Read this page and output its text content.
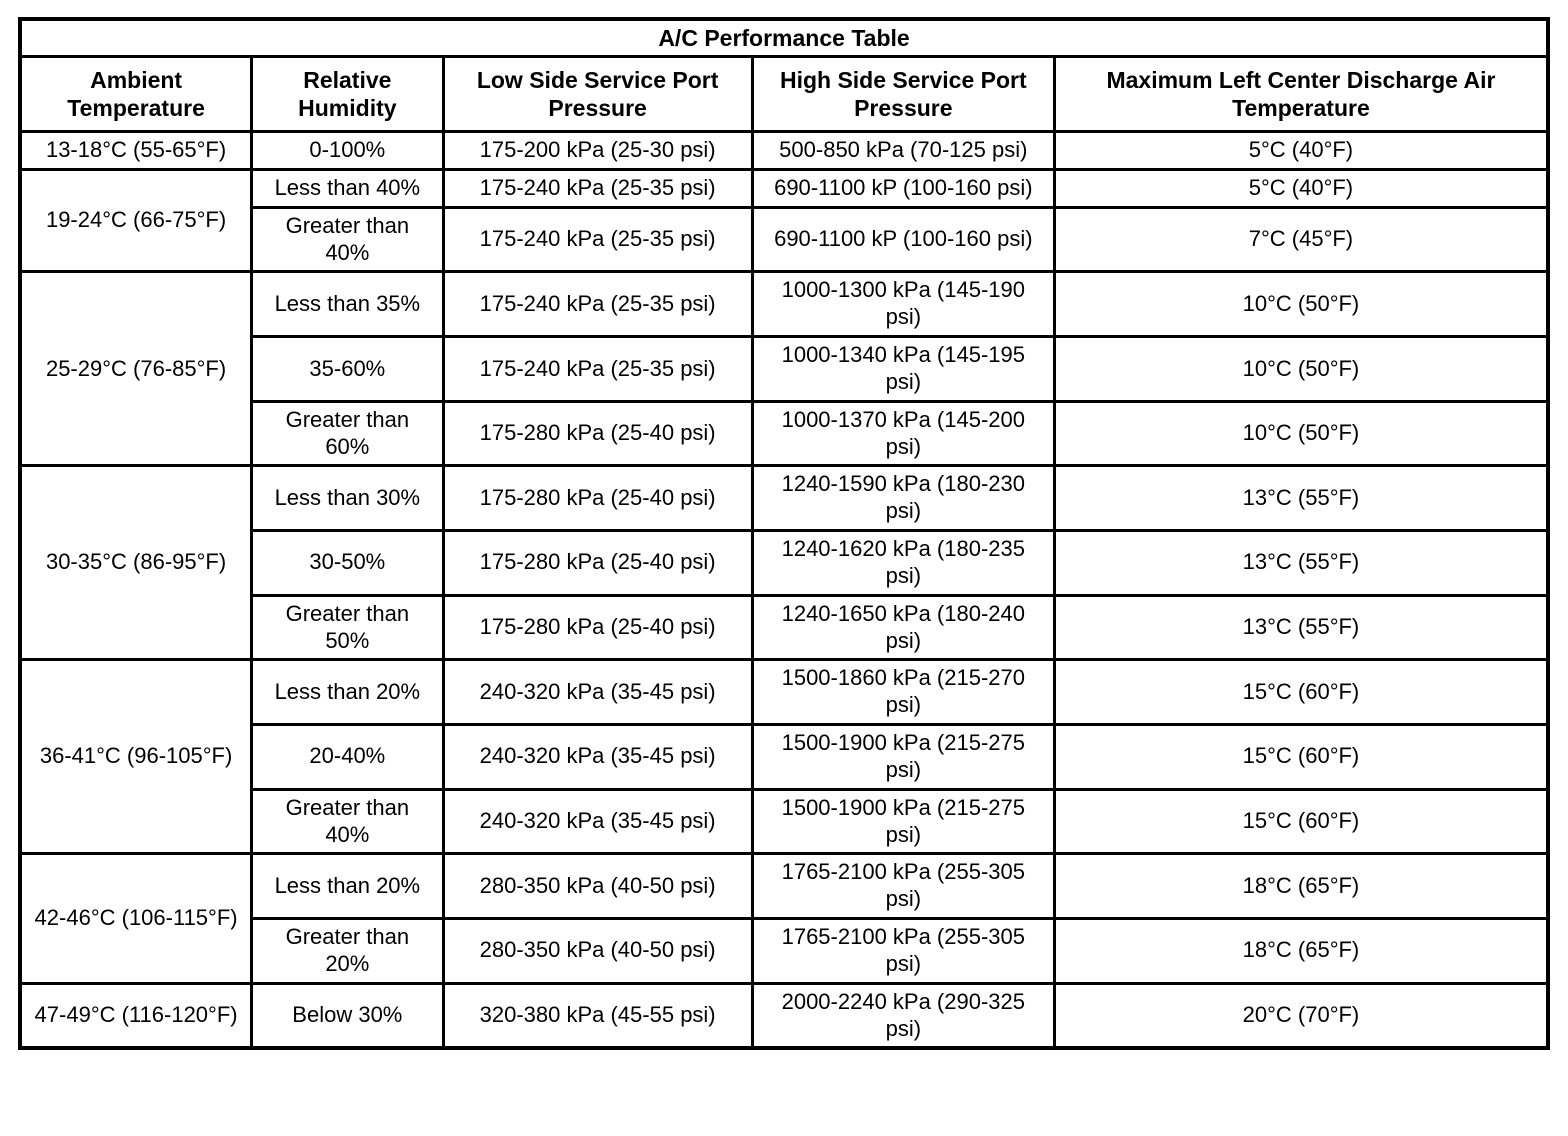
A/C Performance Table				
Ambient Temperature	Relative Humidity	Low Side Service Port Pressure	High Side Service Port Pressure	Maximum Left Center Discharge Air Temperature
13-18°C (55-65°F)	0-100%	175-200 kPa (25-30 psi)	500-850 kPa (70-125 psi)	5°C (40°F)
19-24°C (66-75°F)	Less than 40%	175-240 kPa (25-35 psi)	690-1100 kP (100-160 psi)	5°C (40°F)
	Greater than 40%	175-240 kPa (25-35 psi)	690-1100 kP (100-160 psi)	7°C (45°F)
25-29°C (76-85°F)	Less than 35%	175-240 kPa (25-35 psi)	1000-1300 kPa (145-190 psi)	10°C (50°F)
	35-60%	175-240 kPa (25-35 psi)	1000-1340 kPa (145-195 psi)	10°C (50°F)
	Greater than 60%	175-280 kPa (25-40 psi)	1000-1370 kPa (145-200 psi)	10°C (50°F)
30-35°C (86-95°F)	Less than 30%	175-280 kPa (25-40 psi)	1240-1590 kPa (180-230 psi)	13°C (55°F)
	30-50%	175-280 kPa (25-40 psi)	1240-1620 kPa (180-235 psi)	13°C (55°F)
	Greater than 50%	175-280 kPa (25-40 psi)	1240-1650 kPa (180-240 psi)	13°C (55°F)
36-41°C (96-105°F)	Less than 20%	240-320 kPa (35-45 psi)	1500-1860 kPa (215-270 psi)	15°C (60°F)
	20-40%	240-320 kPa (35-45 psi)	1500-1900 kPa (215-275 psi)	15°C (60°F)
	Greater than 40%	240-320 kPa (35-45 psi)	1500-1900 kPa (215-275 psi)	15°C (60°F)
42-46°C (106-115°F)	Less than 20%	280-350 kPa (40-50 psi)	1765-2100 kPa (255-305 psi)	18°C (65°F)
	Greater than 20%	280-350 kPa (40-50 psi)	1765-2100 kPa (255-305 psi)	18°C (65°F)
47-49°C (116-120°F)	Below 30%	320-380 kPa (45-55 psi)	2000-2240 kPa (290-325 psi)	20°C (70°F)
